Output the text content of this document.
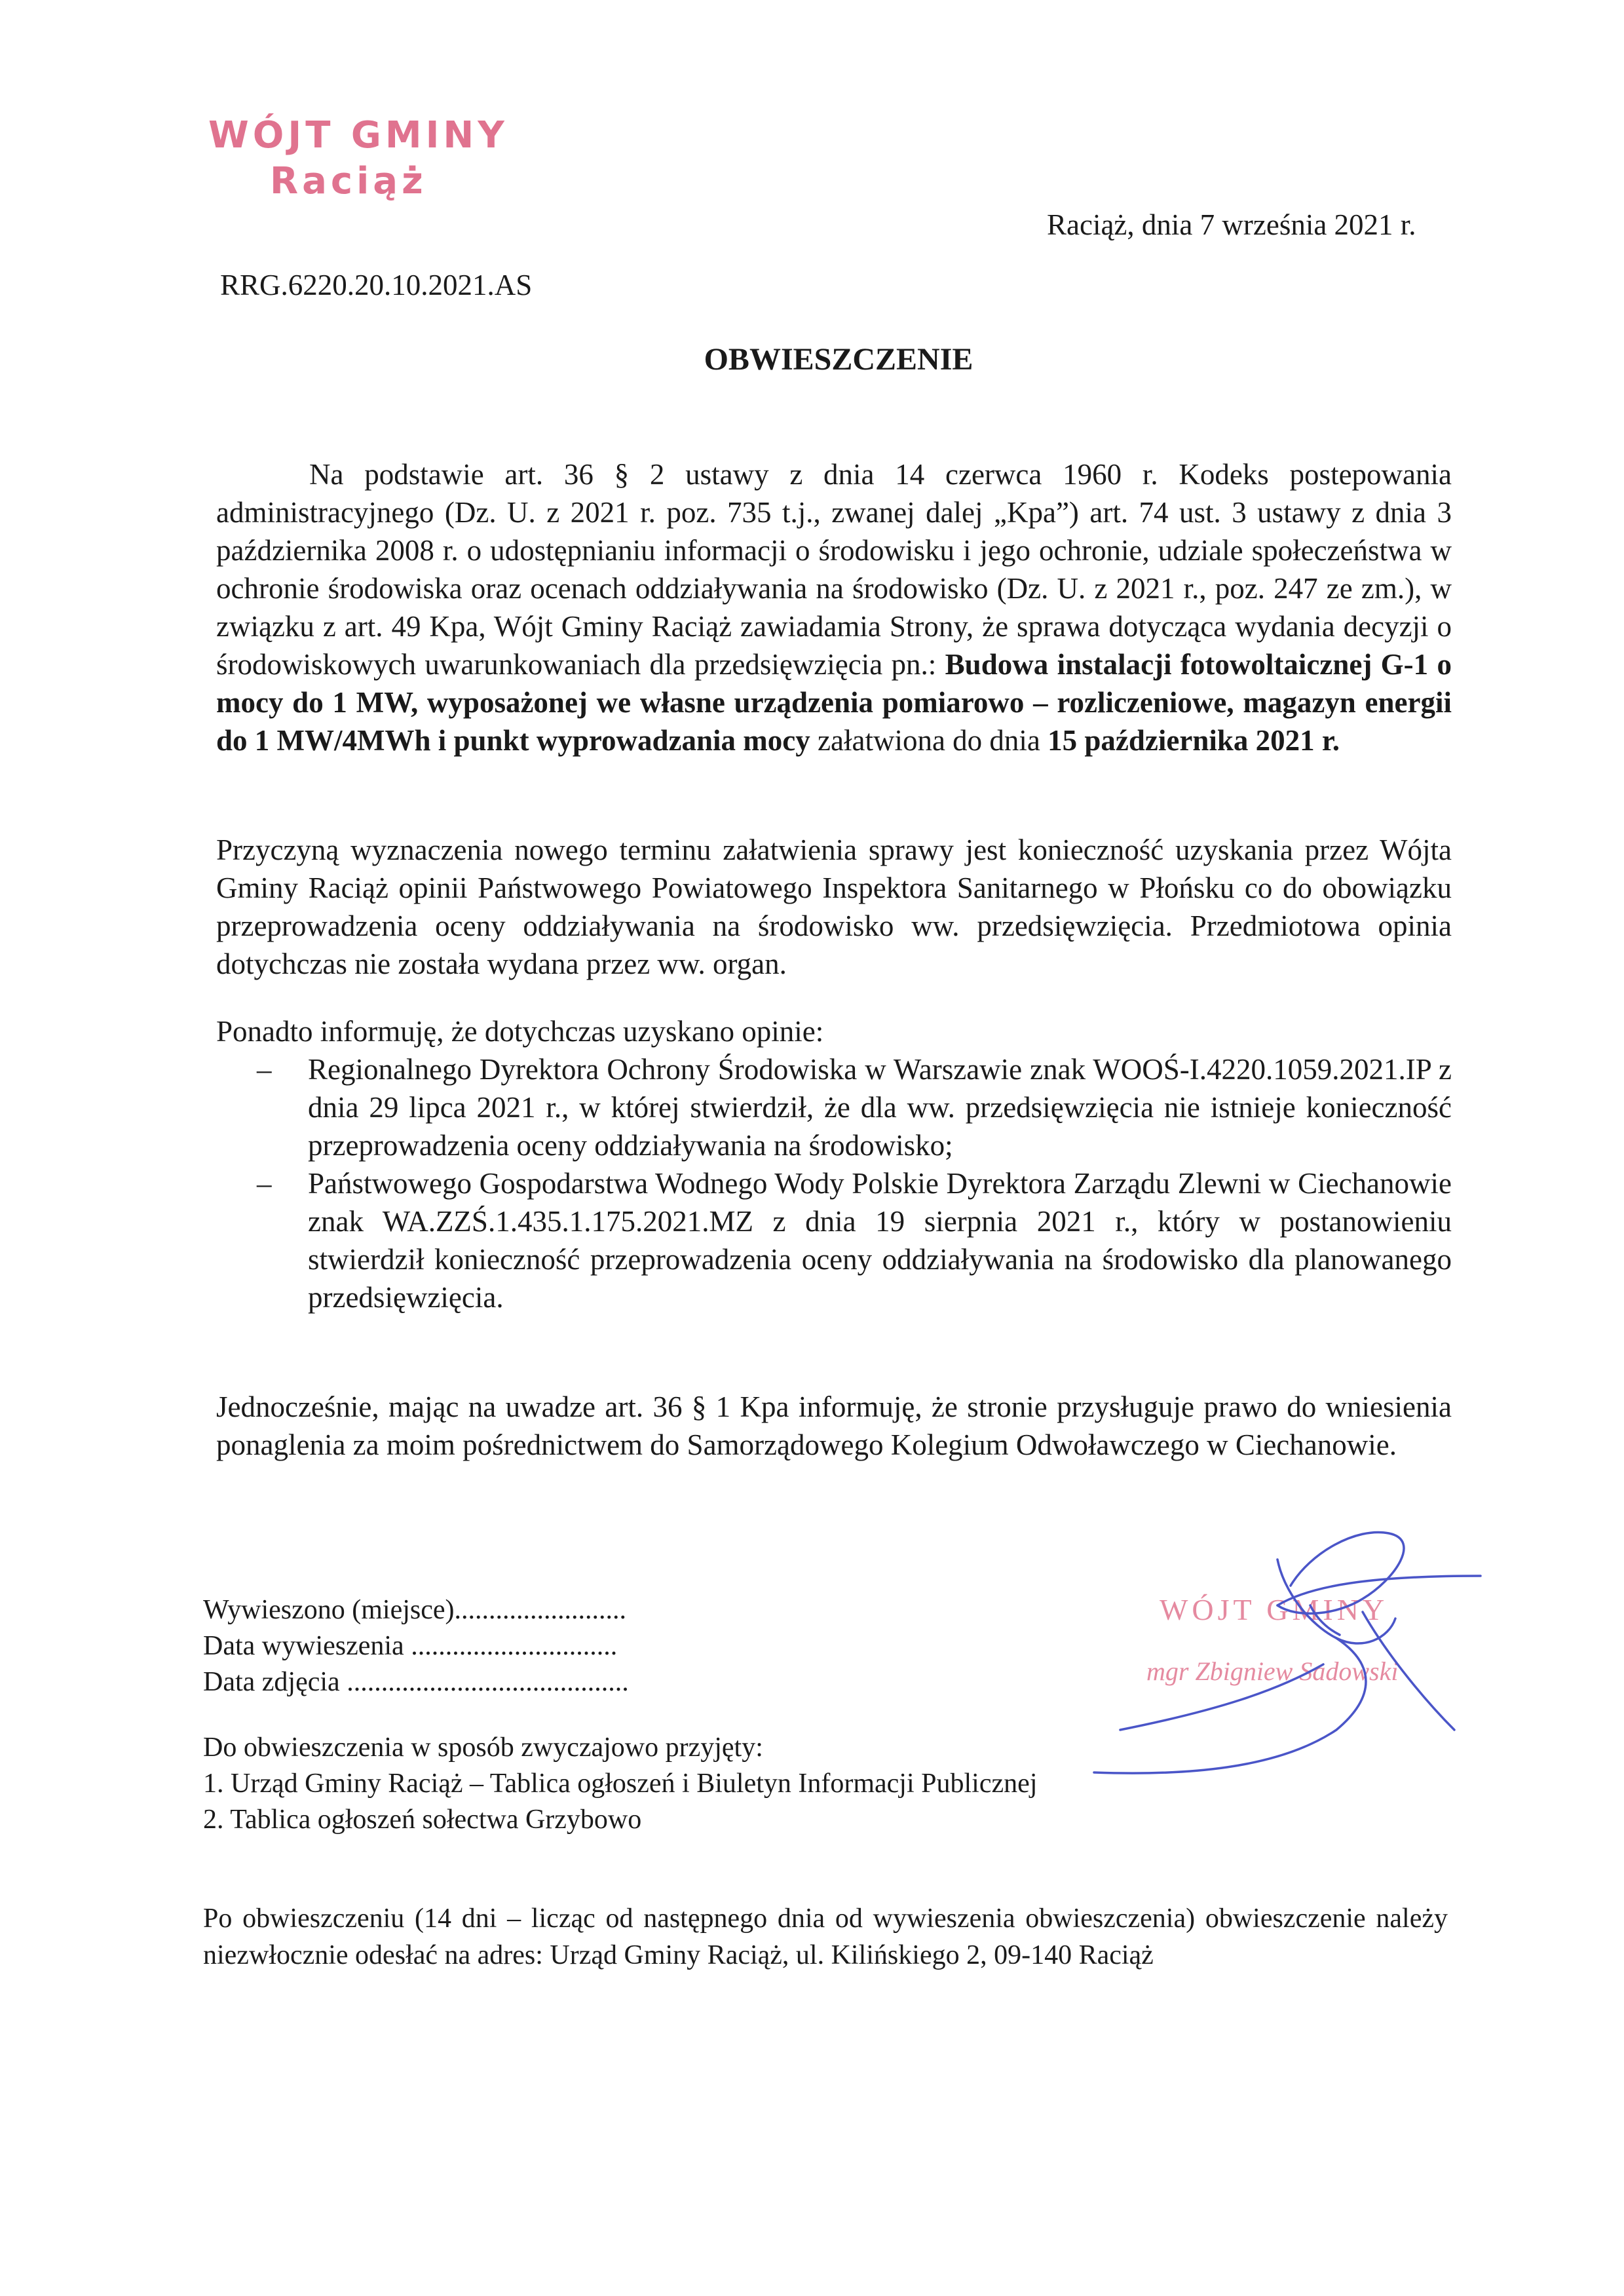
WÓJT GMINY
Raciąż
Raciąż, dnia 7 września 2021 r.
RRG.6220.20.10.2021.AS
OBWIESZCZENIE
Na podstawie art. 36 § 2 ustawy z dnia 14 czerwca 1960 r. Kodeks postepowania administracyjnego (Dz. U. z 2021 r. poz. 735 t.j., zwanej dalej „Kpa”) art. 74 ust. 3 ustawy z dnia 3 października 2008 r. o udostępnianiu informacji o środowisku i jego ochronie, udziale społeczeństwa w ochronie środowiska oraz ocenach oddziaływania na środowisko (Dz. U. z 2021 r., poz. 247 ze zm.), w związku z art. 49 Kpa, Wójt Gminy Raciąż zawiadamia Strony, że sprawa dotycząca wydania decyzji o środowiskowych uwarunkowaniach dla przedsięwzięcia pn.: Budowa instalacji fotowoltaicznej G-1 o mocy do 1 MW, wyposażonej we własne urządzenia pomiarowo – rozliczeniowe, magazyn energii do 1 MW/4MWh i punkt wyprowadzania mocy załatwiona do dnia 15 października 2021 r.
Przyczyną wyznaczenia nowego terminu załatwienia sprawy jest konieczność uzyskania przez Wójta Gminy Raciąż opinii Państwowego Powiatowego Inspektora Sanitarnego w Płońsku co do obowiązku przeprowadzenia oceny oddziaływania na środowisko ww. przedsięwzięcia. Przedmiotowa opinia dotychczas nie została wydana przez ww. organ.
Ponadto informuję, że dotychczas uzyskano opinie:
– Regionalnego Dyrektora Ochrony Środowiska w Warszawie znak WOOŚ-I.4220.1059.2021.IP z dnia 29 lipca 2021 r., w której stwierdził, że dla ww. przedsięwzięcia nie istnieje konieczność przeprowadzenia oceny oddziaływania na środowisko;
– Państwowego Gospodarstwa Wodnego Wody Polskie Dyrektora Zarządu Zlewni w Ciechanowie znak WA.ZZŚ.1.435.1.175.2021.MZ z dnia 19 sierpnia 2021 r., który w postanowieniu stwierdził konieczność przeprowadzenia oceny oddziaływania na środowisko dla planowanego przedsięwzięcia.
Jednocześnie, mając na uwadze art. 36 § 1 Kpa informuję, że stronie przysługuje prawo do wniesienia ponaglenia za moim pośrednictwem do Samorządowego Kolegium Odwoławczego w Ciechanowie.
Wywieszono (miejsce).........................
Data wywieszenia ..............................
Data zdjęcia .........................................
WÓJT GMINY
mgr Zbigniew Sadowski
Do obwieszczenia w sposób zwyczajowo przyjęty:
1. Urząd Gminy Raciąż – Tablica ogłoszeń i Biuletyn Informacji Publicznej
2. Tablica ogłoszeń sołectwa Grzybowo
Po obwieszczeniu (14 dni – licząc od następnego dnia od wywieszenia obwieszczenia) obwieszczenie należy niezwłocznie odesłać na adres: Urząd Gminy Raciąż, ul. Kilińskiego 2, 09-140 Raciąż
